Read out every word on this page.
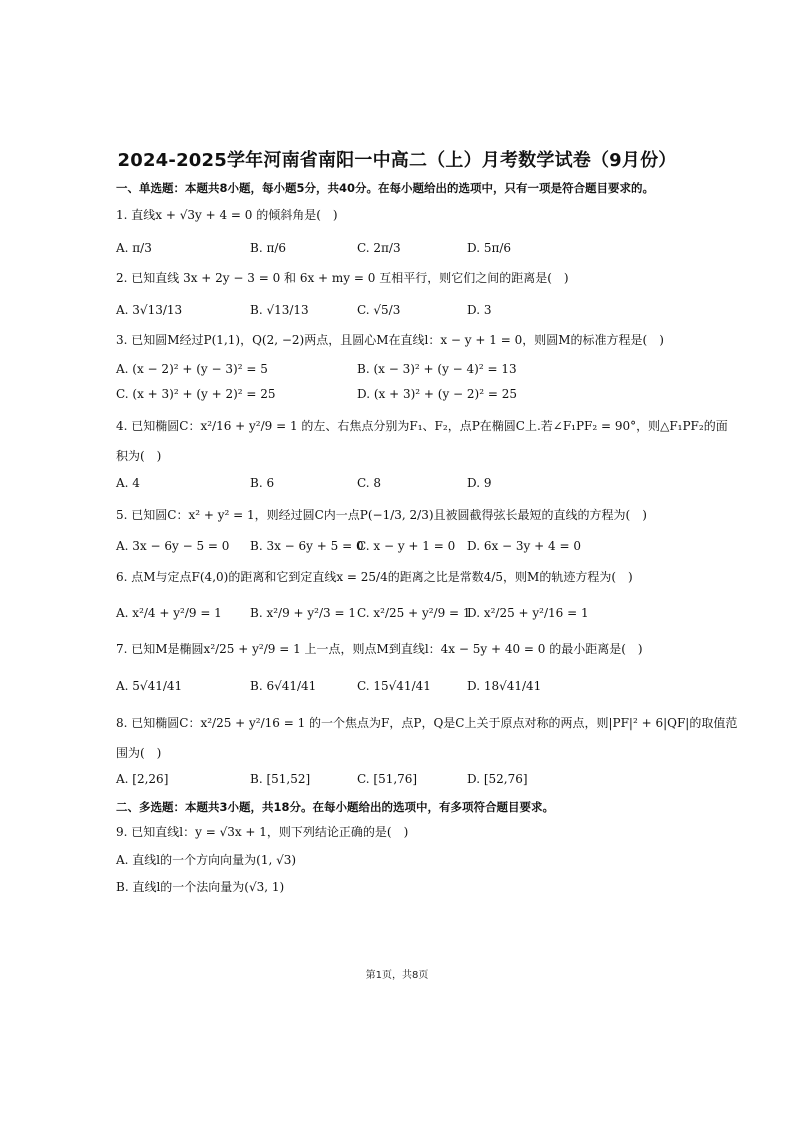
2024-2025学年河南省南阳一中高二（上）月考数学试卷（9月份）
一、单选题：本题共8小题，每小题5分，共40分。在每小题给出的选项中，只有一项是符合题目要求的。
1. 直线x + √3y + 4 = 0 的倾斜角是(　)
A. π/3	B. π/6	C. 2π/3	D. 5π/6
2. 已知直线 3x + 2y − 3 = 0 和 6x + my = 0 互相平行，则它们之间的距离是(　)
A. 3√13/13	B. √13/13	C. √5/3	D. 3
3. 已知圆M经过P(1,1)，Q(2, −2)两点，且圆心M在直线l：x − y + 1 = 0，则圆M的标准方程是(　)
A. (x − 2)² + (y − 3)² = 5	B. (x − 3)² + (y − 4)² = 13
C. (x + 3)² + (y + 2)² = 25	D. (x + 3)² + (y − 2)² = 25
4. 已知椭圆C：x²/16 + y²/9 = 1 的左、右焦点分别为F₁、F₂，点P在椭圆C上.若∠F₁PF₂ = 90°，则△F₁PF₂的面
积为(　)
A. 4	B. 6	C. 8	D. 9
5. 已知圆C：x² + y² = 1，则经过圆C内一点P(−1/3, 2/3)且被圆截得弦长最短的直线的方程为(　)
A. 3x − 6y − 5 = 0 B. 3x − 6y + 5 = 0
C. x − y + 1 = 0 D. 6x − 3y + 4 = 0
6. 点M与定点F(4,0)的距离和它到定直线x = 25/4的距离之比是常数4/5，则M的轨迹方程为(　)
A. x²/4 + y²/9 = 1 B. x²/9 + y²/3 = 1 C. x²/25 + y²/9 = 1
D. x²/25 + y²/16 = 1
7. 已知M是椭圆x²/25 + y²/9 = 1 上一点，则点M到直线l：4x − 5y + 40 = 0 的最小距离是(　)
A. 5√41/41	B. 6√41/41	C. 15√41/41	D. 18√41/41
8. 已知椭圆C：x²/25 + y²/16 = 1 的一个焦点为F，点P，Q是C上关于原点对称的两点，则|PF|² + 6|QF|的取值范
围为(　)
A. [2,26]	B. [51,52]	C. [51,76]	D. [52,76]
二、多选题：本题共3小题，共18分。在每小题给出的选项中，有多项符合题目要求。
9. 已知直线l：y = √3x + 1，则下列结论正确的是(　)
A. 直线l的一个方向向量为(1, √3)
B. 直线l的一个法向量为(√3, 1)
第1页，共8页
